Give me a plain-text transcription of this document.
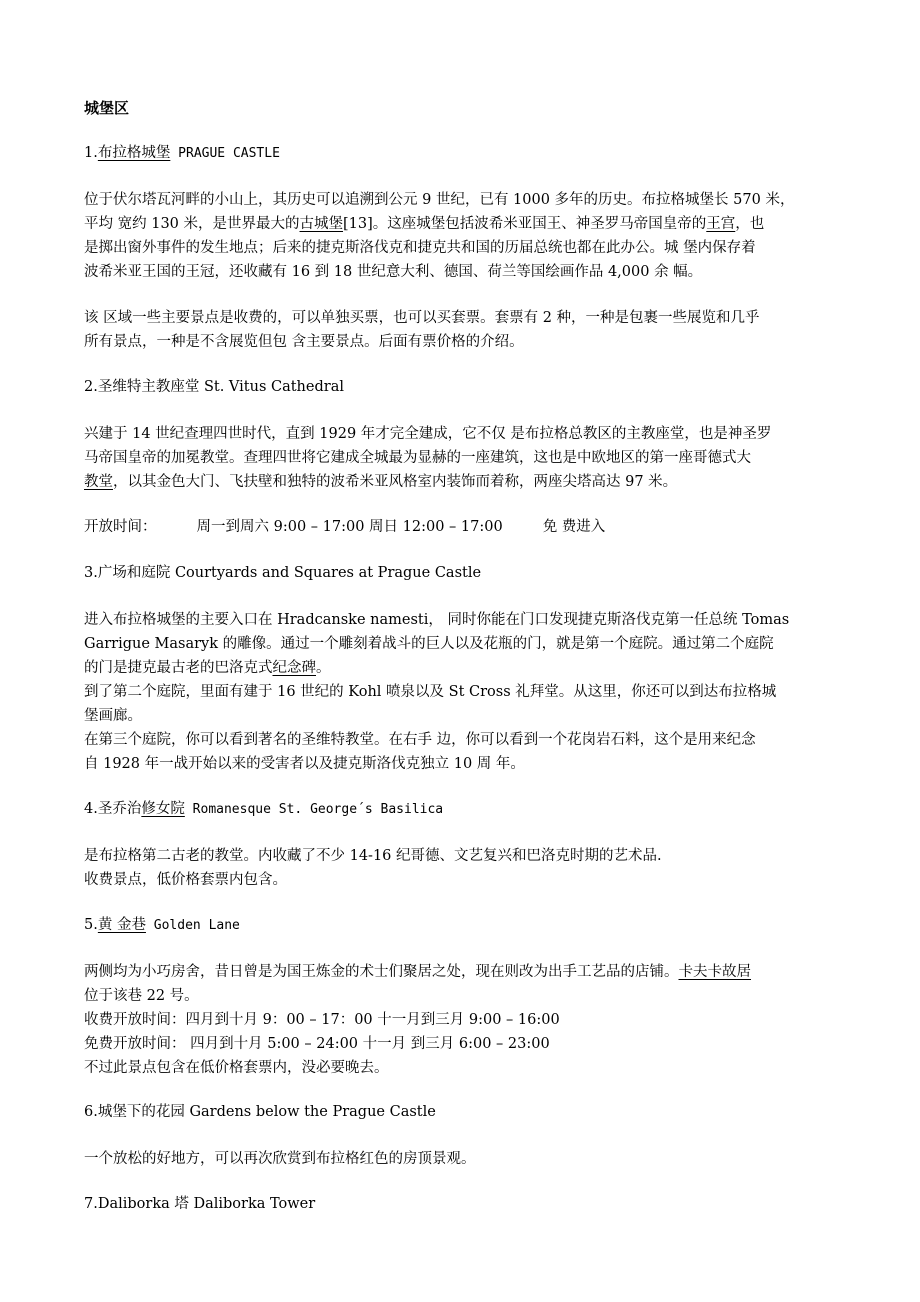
城堡区
1.布拉格城堡 PRAGUE CASTLE
位于伏尔塔瓦河畔的小山上，其历史可以追溯到公元 9 世纪，已有 1000 多年的历史。布拉格城堡长 570 米，
平均 宽约 130 米，是世界最大的古城堡[13]。这座城堡包括波希米亚国王、神圣罗马帝国皇帝的王宫，也
是掷出窗外事件的发生地点；后来的捷克斯洛伐克和捷克共和国的历届总统也都在此办公。城 堡内保存着
波希米亚王国的王冠，还收藏有 16 到 18 世纪意大利、德国、荷兰等国绘画作品 4,000 余 幅。
该 区域一些主要景点是收费的，可以单独买票，也可以买套票。套票有 2 种，一种是包裹一些展览和几乎
所有景点，一种是不含展览但包 含主要景点。后面有票价格的介绍。
2.圣维特主教座堂 St. Vitus Cathedral
兴建于 14 世纪查理四世时代，直到 1929 年才完全建成，它不仅 是布拉格总教区的主教座堂，也是神圣罗
马帝国皇帝的加冕教堂。查理四世将它建成全城最为显赫的一座建筑，这也是中欧地区的第一座哥德式大
教堂，以其金色大门、飞扶壁和独特的波希米亚风格室内装饰而着称，两座尖塔高达 97 米。
开放时间：	周一到周六 9:00 – 17:00 周日 12:00 – 17:00	免 费进入
3.广场和庭院 Courtyards and Squares at Prague Castle
进入布拉格城堡的主要入口在 Hradcanske namesti， 同时你能在门口发现捷克斯洛伐克第一任总统 Tomas
Garrigue Masaryk 的雕像。通过一个雕刻着战斗的巨人以及花瓶的门，就是第一个庭院。通过第二个庭院
的门是捷克最古老的巴洛克式纪念碑。
到了第二个庭院，里面有建于 16 世纪的 Kohl 喷泉以及 St Cross 礼拜堂。从这里，你还可以到达布拉格城
堡画廊。
在第三个庭院，你可以看到著名的圣维特教堂。在右手 边，你可以看到一个花岗岩石料，这个是用来纪念
自 1928 年一战开始以来的受害者以及捷克斯洛伐克独立 10 周 年。
4.圣乔治修女院 Romanesque St. George´s Basilica
是布拉格第二古老的教堂。内收藏了不少 14-16 纪哥德、文艺复兴和巴洛克时期的艺术品.
收费景点，低价格套票内包含。
5.黄 金巷 Golden Lane
两侧均为小巧房舍，昔日曾是为国王炼金的术士们聚居之处，现在则改为出手工艺品的店铺。卡夫卡故居
位于该巷 22 号。
收费开放时间：四月到十月 9：00 – 17：00 十一月到三月 9:00 – 16:00
免费开放时间： 四月到十月 5:00 – 24:00 十一月 到三月 6:00 – 23:00
不过此景点包含在低价格套票内，没必要晚去。
6.城堡下的花园 Gardens below the Prague Castle
一个放松的好地方，可以再次欣赏到布拉格红色的房顶景观。
7.Daliborka 塔 Daliborka Tower
